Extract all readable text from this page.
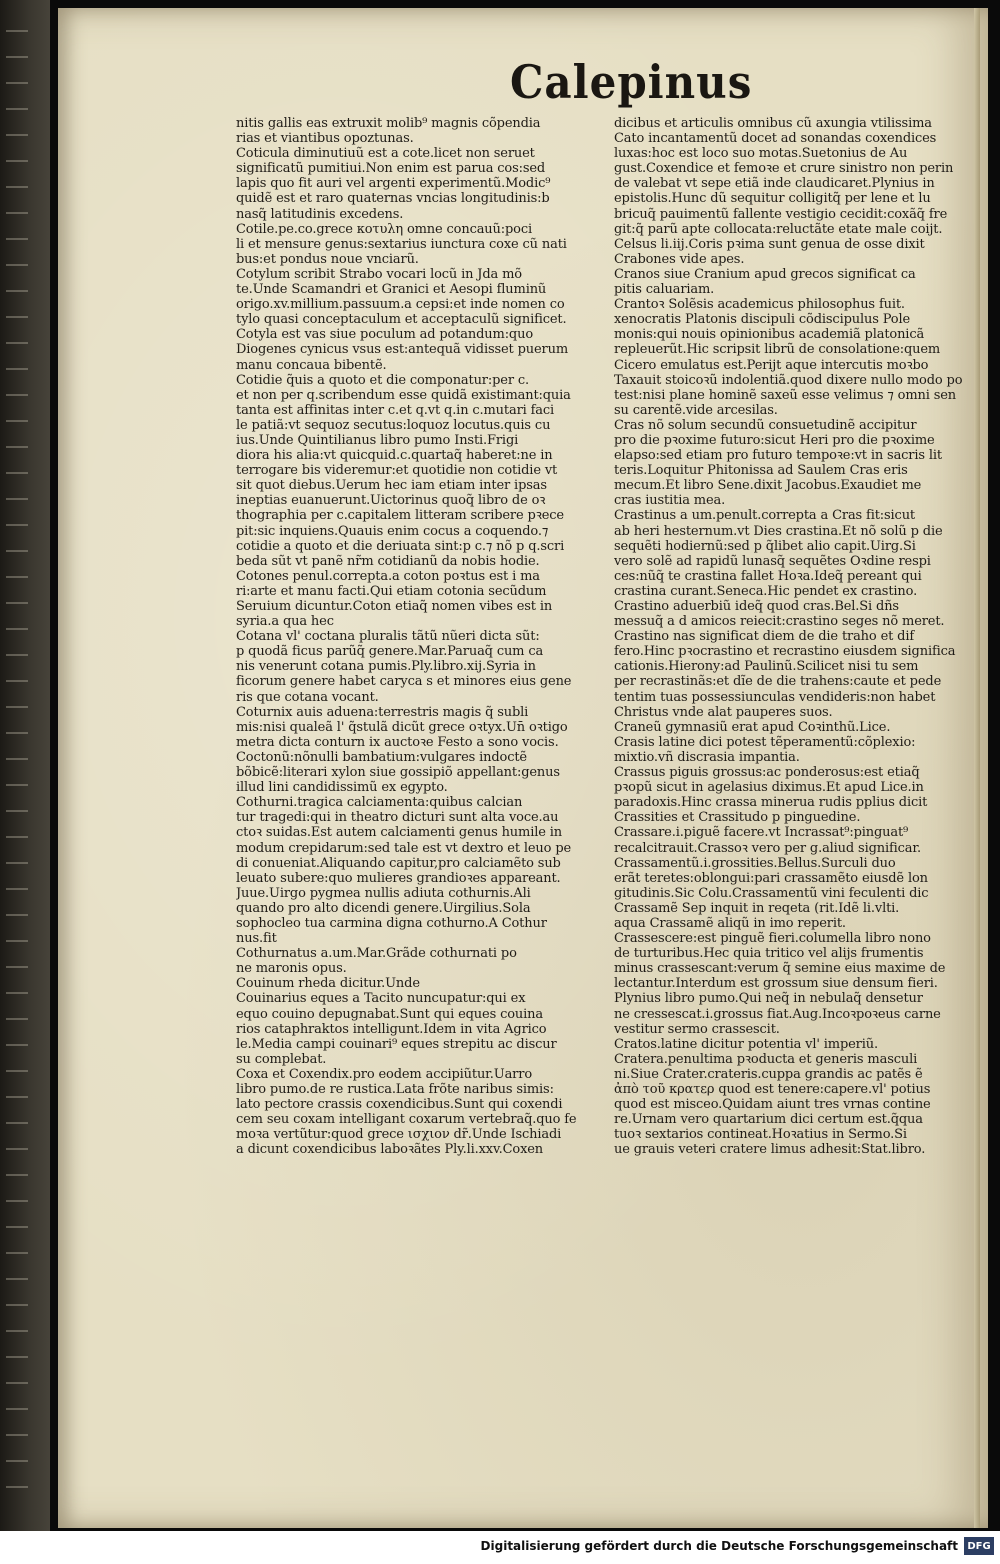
Calepinus
nitis gallis eas extruxit molib⁹ magnis cõpendia
rias et viantibus opoztunas.
Coticula diminutiuũ est a cote.licet non seruet
significatũ pumitiui.Non enim est parua cos:sed
lapis quo fit auri vel argenti experimentũ.Modic⁹
quidẽ est et raro quaternas vncias longitudinis:b
nasq̃ latitudinis excedens.
Cotile.pe.co.grece κοτυλη omne concauũ:poci
li et mensure genus:sextarius iunctura coxe cũ nati
bus:et pondus noue vnciarũ.
Cotylum scribit Strabo vocari locũ in Jda mõ
te.Unde Scamandri et Granici et Aesopi fluminũ
origo.xv.millium.passuum.a cepsi:et inde nomen co
tylo quasi conceptaculum et acceptaculũ significet.
Cotyla est vas siue poculum ad potandum:quo
Diogenes cynicus vsus est:antequã vidisset puerum
manu concaua bibentẽ.
Cotidie q̃uis a quoto et die componatur:per c.
et non per q.scribendum esse quidã existimant:quia
tanta est affinitas inter c.et q.vt q.in c.mutari faci
le patiã:vt sequoz secutus:loquoz locutus.quis cu
ius.Unde Quintilianus libro pumo Insti.Frigi
diora his alia:vt quicquid.c.quartaq̃ haberet:ne in
terrogare bis videremur:et quotidie non cotidie vt
sit quot diebus.Uerum hec iam etiam inter ipsas
ineptias euanuerunt.Uictorinus quoq̃ libro de oꝛ
thographia per c.capitalem litteram scribere pꝛece
pit:sic inquiens.Quauis enim cocus a coquendo.⁊
cotidie a quoto et die deriuata sint:p c.⁊ nõ p q.scri
beda sũt vt panẽ nr̃m cotidianũ da nobis hodie.
Cotones penul.correpta.a coton poꝛtus est i ma
ri:arte et manu facti.Qui etiam cotonia secũdum
Seruium dicuntur.Coton etiaq̃ nomen vibes est in
syria.a qua hec
Cotana vl' coctana pluralis tãtũ nũeri dicta sũt:
p quodã ficus parũq̃ genere.Mar.Paruaq̃ cum ca
nis venerunt cotana pumis.Ply.libro.xij.Syria in
ficorum genere habet caryca s et minores eius gene
ris que cotana vocant.
Coturnix auis aduena:terrestris magis q̃ subli
mis:nisi qualeã l' q̃stulã dicũt grece oꝛtyx.Un̄ oꝛtigo
metra dicta conturn ix auctoꝛe Festo a sono vocis.
Coctonũ:nõnulli bambatium:vulgares indoctẽ
bõbicẽ:literari xylon siue gossipiõ appellant:genus
illud lini candidissimũ ex egypto.
Cothurni.tragica calciamenta:quibus calcian
tur tragedi:qui in theatro dicturi sunt alta voce.au
ctoꝛ suidas.Est autem calciamenti genus humile in
modum crepidarum:sed tale est vt dextro et leuo pe
di conueniat.Aliquando capitur,pro calciamẽto sub
leuato subere:quo mulieres grandioꝛes appareant.
Juue.Uirgo pygmea nullis adiuta cothurnis.Ali
quando pro alto dicendi genere.Uirgilius.Sola
sophocleo tua carmina digna cothurno.A Cothur
nus.fit
Cothurnatus a.um.Mar.Grãde cothurnati po
ne maronis opus.
Couinum rheda dicitur.Unde
Couinarius eques a Tacito nuncupatur:qui ex
equo couino depugnabat.Sunt qui eques couina
rios cataphraktos intelligunt.Idem in vita Agrico
le.Media campi couinari⁹ eques strepitu ac discur
su complebat.
Coxa et Coxendix.pro eodem accipiũtur.Uarro
libro pumo.de re rustica.Lata frõte naribus simis:
lato pectore crassis coxendicibus.Sunt qui coxendi
cem seu coxam intelligant coxarum vertebraq̃.quo fe
moꝛa vertũtur:quod grece ισχιον dr̃.Unde Ischiadi
a dicunt coxendicibus laboꝛãtes Ply.li.xxv.Coxen
dicibus et articulis omnibus cũ axungia vtilissima
Cato incantamentũ docet ad sonandas coxendices
luxas:hoc est loco suo motas.Suetonius de Au
gust.Coxendice et femoꝛe et crure sinistro non perin
de valebat vt sepe etiã inde claudicaret.Plynius in
epistolis.Hunc dũ sequitur colligitq̃ per lene et lu
bricuq̃ pauimentũ fallente vestigio cecidit:coxãq̃ fre
git:q̃ parũ apte collocata:reluctãte etate male coijt.
Celsus li.iij.Coris pꝛima sunt genua de osse dixit
Crabones vide apes.
Cranos siue Cranium apud grecos significat ca
pitis caluariam.
Crantoꝛ Solẽsis academicus philosophus fuit.
xenocratis Platonis discipuli cõdiscipulus Pole
monis:qui nouis opinionibus academiã platonicã
repleuerũt.Hic scripsit librũ de consolatione:quem
Cicero emulatus est.Perijt aque intercutis moꝛbo
Taxauit stoicoꝛũ indolentiã.quod dixere nullo modo po
test:nisi plane hominẽ saxeũ esse velimus ⁊ omni sen
su carentẽ.vide arcesilas.
Cras nõ solum secundũ consuetudinẽ accipitur
pro die pꝛoxime futuro:sicut Heri pro die pꝛoxime
elapso:sed etiam pro futuro tempoꝛe:vt in sacris lit
teris.Loquitur Phitonissa ad Saulem Cras eris
mecum.Et libro Sene.dixit Jacobus.Exaudiet me
cras iustitia mea.
Crastinus a um.penult.correpta a Cras fit:sicut
ab heri hesternum.vt Dies crastina.Et nõ solũ p die
sequẽti hodiernũ:sed p q̃libet alio capit.Uirg.Si
vero solẽ ad rapidũ lunasq̃ sequẽtes Oꝛdine respi
ces:nũq̃ te crastina fallet Hoꝛa.Ideq̃ pereant qui
crastina curant.Seneca.Hic pendet ex crastino.
Crastino aduerbiũ ideq̃ quod cras.Bel.Si dñs
messuq̃ a d amicos reiecit:crastino seges nõ meret.
Crastino nas significat diem de die traho et dif
fero.Hinc pꝛocrastino et recrastino eiusdem significa
cationis.Hierony:ad Paulinũ.Scilicet nisi tu sem
per recrastinãs:et dĩe de die trahens:caute et pede
tentim tuas possessiunculas vendideris:non habet
Christus vnde alat pauperes suos.
Craneũ gymnasiũ erat apud Coꝛinthũ.Lice.
Crasis latine dici potest tẽperamentũ:cõplexio:
mixtio.vñ discrasia impantia.
Crassus piguis grossus:ac ponderosus:est etiaq̃
pꝛopũ sicut in agelasius diximus.Et apud Lice.in
paradoxis.Hinc crassa minerua rudis pplius dicit
Crassities et Crassitudo p pinguedine.
Crassare.i.piguẽ facere.vt Incrassat⁹:pinguat⁹
recalcitrauit.Crassoꝛ vero per g.aliud significar.
Crassamentũ.i.grossities.Bellus.Surculi duo
erãt teretes:oblongui:pari crassamẽto eiusdẽ lon
gitudinis.Sic Colu.Crassamentũ vini feculenti dic
Crassamẽ Sep inquit in reqeta (rit.Idẽ li.vlti.
aqua Crassamẽ aliqũ in imo reperit.
Crassescere:est pinguẽ fieri.columella libro nono
de turturibus.Hec quia tritico vel alijs frumentis
minus crassescant:verum q̃ semine eius maxime de
lectantur.Interdum est grossum siue densum fieri.
Plynius libro pumo.Qui neq̃ in nebulaq̃ densetur
ne cressescat.i.grossus fiat.Aug.Incoꝛpoꝛeus carne
vestitur sermo crassescit.
Cratos.latine dicitur potentia vl' imperiũ.
Cratera.penultima pꝛoducta et generis masculi
ni.Siue Crater.crateris.cuppa grandis ac patẽs ẽ
ἀπὸ τοῦ κρατερ quod est tenere:capere.vl' potius
quod est misceo.Quidam aiunt tres vrnas contine
re.Urnam vero quartarium dici certum est.q̃qua
tuoꝛ sextarios contineat.Hoꝛatius in Sermo.Si
ue grauis veteri cratere limus adhesit:Stat.libro.
Digitalisierung gefördert durch die Deutsche Forschungsgemeinschaft DFG
